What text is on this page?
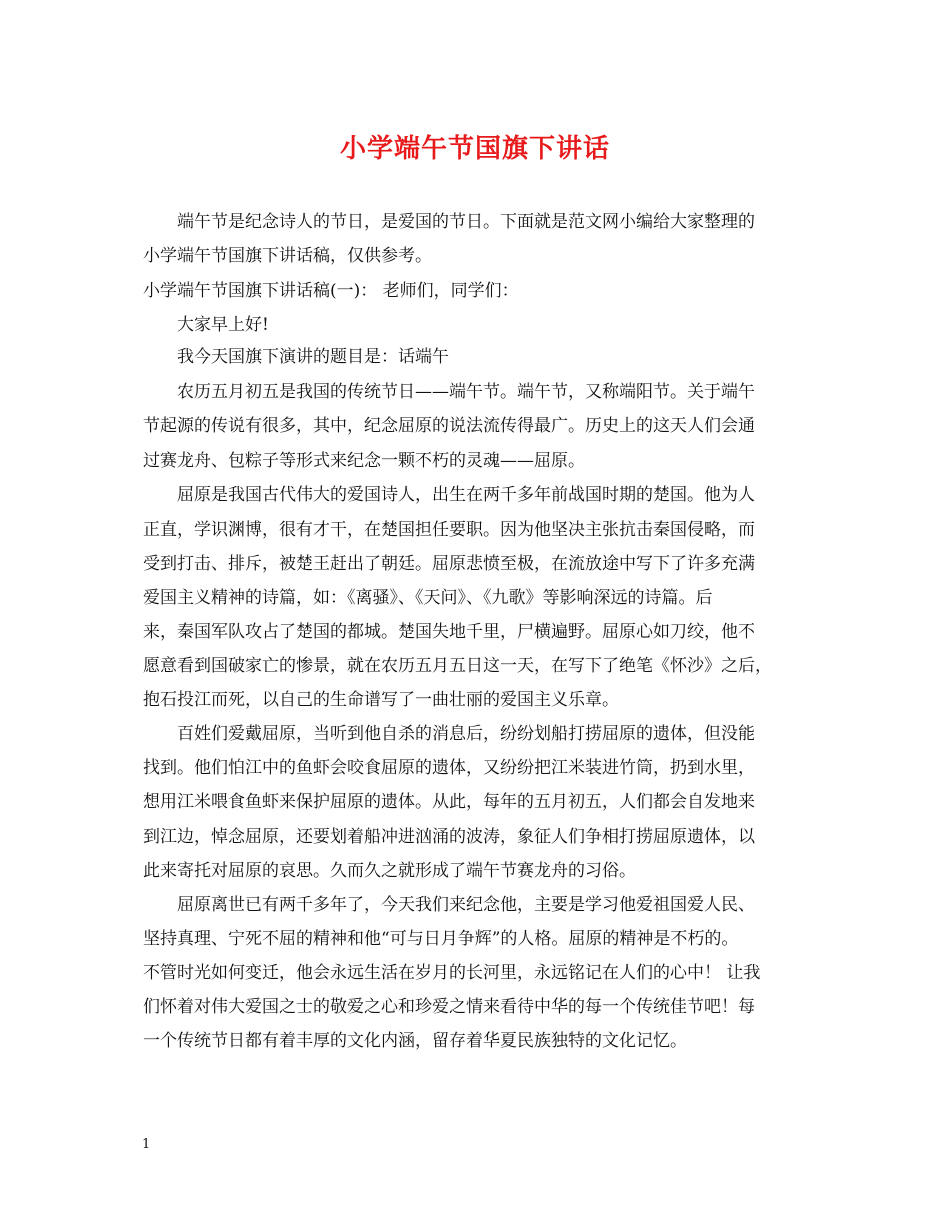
小学端午节国旗下讲话
端午节是纪念诗人的节日，是爱国的节日。下面就是范文网小编给大家整理的
小学端午节国旗下讲话稿，仅供参考。
小学端午节国旗下讲话稿(一)： 老师们，同学们：
大家早上好!
我今天国旗下演讲的题目是：话端午
农历五月初五是我国的传统节日——端午节。端午节，又称端阳节。关于端午
节起源的传说有很多，其中，纪念屈原的说法流传得最广。历史上的这天人们会通
过赛龙舟、包粽子等形式来纪念一颗不朽的灵魂——屈原。
屈原是我国古代伟大的爱国诗人，出生在两千多年前战国时期的楚国。他为人
正直，学识渊博，很有才干，在楚国担任要职。因为他坚决主张抗击秦国侵略，而
受到打击、排斥，被楚王赶出了朝廷。屈原悲愤至极，在流放途中写下了许多充满
爱国主义精神的诗篇，如：《离骚》、《天问》、《九歌》等影响深远的诗篇。后
来，秦国军队攻占了楚国的都城。楚国失地千里，尸横遍野。屈原心如刀绞，他不
愿意看到国破家亡的惨景，就在农历五月五日这一天，在写下了绝笔《怀沙》之后，
抱石投江而死，以自己的生命谱写了一曲壮丽的爱国主义乐章。
百姓们爱戴屈原，当听到他自杀的消息后，纷纷划船打捞屈原的遗体，但没能
找到。他们怕江中的鱼虾会咬食屈原的遗体，又纷纷把江米装进竹筒，扔到水里，
想用江米喂食鱼虾来保护屈原的遗体。从此，每年的五月初五，人们都会自发地来
到江边，悼念屈原，还要划着船冲进汹涌的波涛，象征人们争相打捞屈原遗体，以
此来寄托对屈原的哀思。久而久之就形成了端午节赛龙舟的习俗。
屈原离世已有两千多年了，今天我们来纪念他，主要是学习他爱祖国爱人民、
坚持真理、宁死不屈的精神和他“可与日月争辉”的人格。屈原的精神是不朽的。
不管时光如何变迁，他会永远生活在岁月的长河里，永远铭记在人们的心中！ 让我
们怀着对伟大爱国之士的敬爱之心和珍爱之情来看待中华的每一个传统佳节吧！每
一个传统节日都有着丰厚的文化内涵，留存着华夏民族独特的文化记忆。
1
